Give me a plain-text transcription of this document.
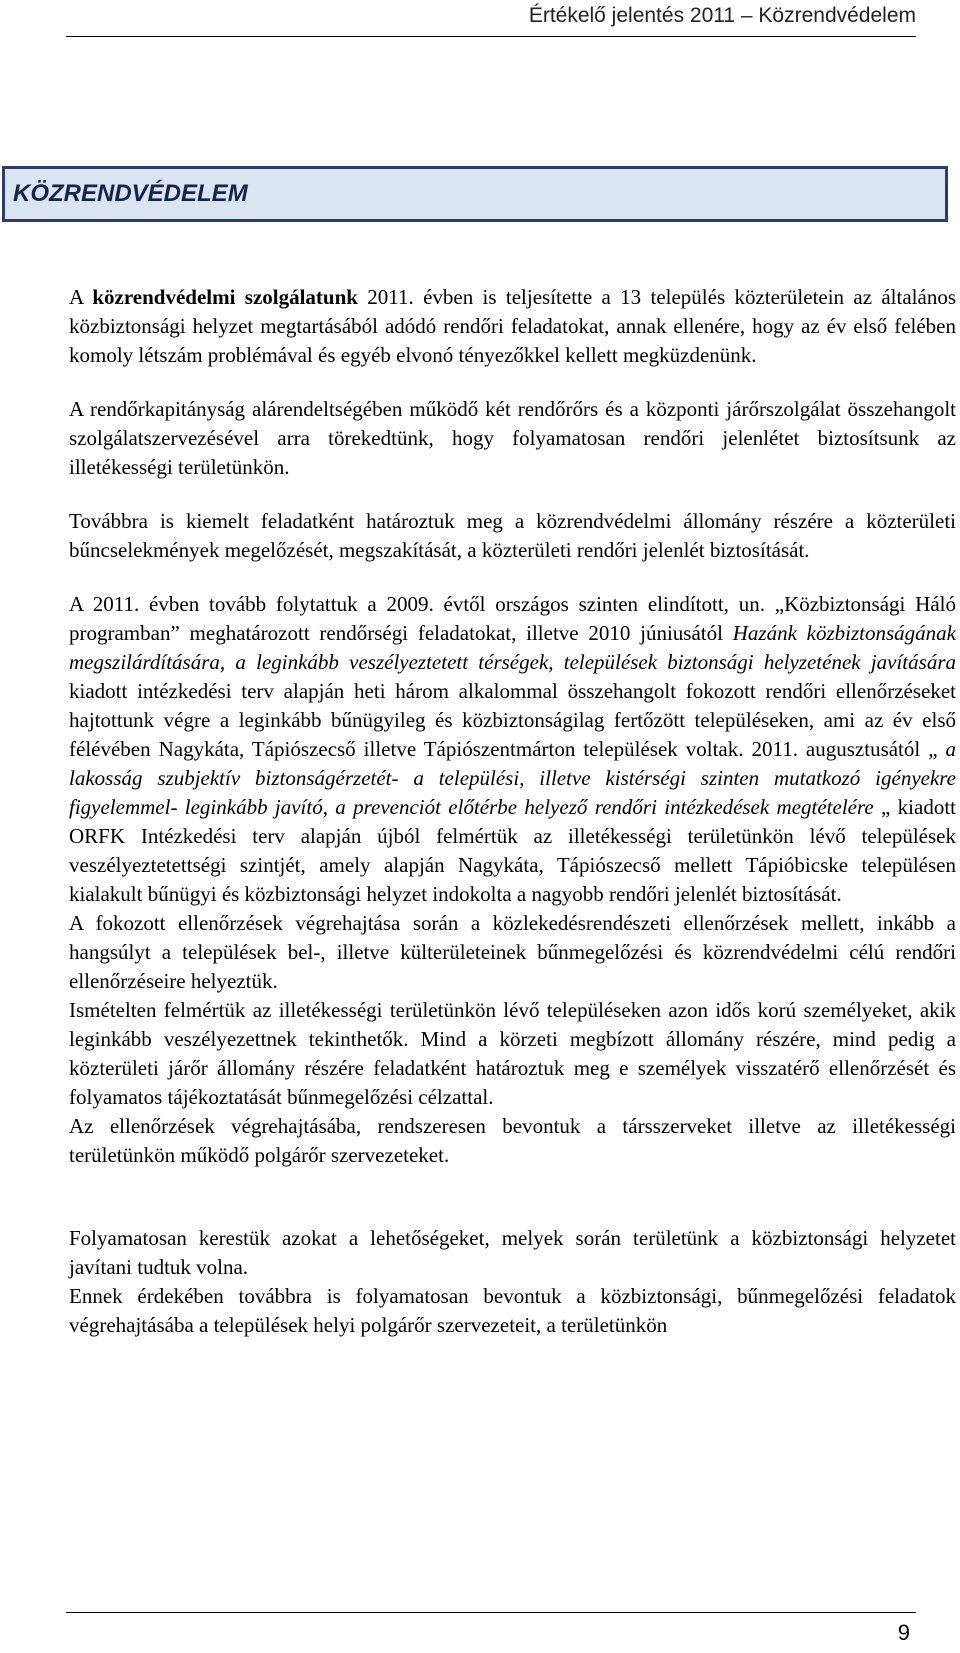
Értékelő jelentés 2011 – Közrendvédelem
KÖZRENDVÉDELEM

A közrendvédelmi szolgálatunk 2011. évben is teljesítette a 13 település közterületein az általános közbiztonsági helyzet megtartásából adódó rendőri feladatokat, annak ellenére, hogy az év első felében komoly létszám problémával és egyéb elvonó tényezőkkel kellett megküzdenünk.

A rendőrkapitányság alárendeltségében működő két rendőrőrs és a központi járőrszolgálat összehangolt szolgálatszervezésével arra törekedtünk, hogy folyamatosan rendőri jelenlétet biztosítsunk az illetékességi területünkön.

Továbbra is kiemelt feladatként határoztuk meg a közrendvédelmi állomány részére a közterületi bűncselekmények megelőzését, megszakítását, a közterületi rendőri jelenlét biztosítását.

A 2011. évben tovább folytattuk a 2009. évtől országos szinten elindított, un. „Közbiztonsági Háló programban” meghatározott rendőrségi feladatokat, illetve 2010 júniusától Hazánk közbiztonságának megszilárdítására, a leginkább veszélyeztetett térségek, települések biztonsági helyzetének javítására kiadott intézkedési terv alapján heti három alkalommal összehangolt fokozott rendőri ellenőrzéseket hajtottunk végre a leginkább bűnügyileg és közbiztonságilag fertőzött településeken, ami az év első félévében Nagykáta, Tápiószecső illetve Tápiószentmárton települések voltak. 2011. augusztusától „ a lakosság szubjektív biztonságérzetét- a települési, illetve kistérségi szinten mutatkozó igényekre figyelemmel- leginkább javító, a prevenciót előtérbe helyező rendőri intézkedések megtételére „ kiadott ORFK Intézkedési terv alapján újból felmértük az illetékességi területünkön lévő települések veszélyeztetettségi szintjét, amely alapján Nagykáta, Tápiószecső mellett Tápióbicske településen kialakult bűnügyi és közbiztonsági helyzet indokolta a nagyobb rendőri jelenlét biztosítását.

A fokozott ellenőrzések végrehajtása során a közlekedésrendészeti ellenőrzések mellett, inkább a hangsúlyt a települések bel-, illetve külterületeinek bűnmegelőzési és közrendvédelmi célú rendőri ellenőrzéseire helyeztük.

Ismételten felmértük az illetékességi területünkön lévő településeken azon idős korú személyeket, akik leginkább veszélyezettnek tekinthetők. Mind a körzeti megbízott állomány részére, mind pedig a közterületi járőr állomány részére feladatként határoztuk meg e személyek visszatérő ellenőrzését és folyamatos tájékoztatását bűnmegelőzési célzattal.

Az ellenőrzések végrehajtásába, rendszeresen bevontuk a társszerveket illetve az illetékességi területünkön működő polgárőr szervezeteket.

Folyamatosan kerestük azokat a lehetőségeket, melyek során területünk a közbiztonsági helyzetet javítani tudtuk volna.

Ennek érdekében továbbra is folyamatosan bevontuk a közbiztonsági, bűnmegelőzési feladatok végrehajtásába a települések helyi polgárőr szervezeteit, a területünkön

9
